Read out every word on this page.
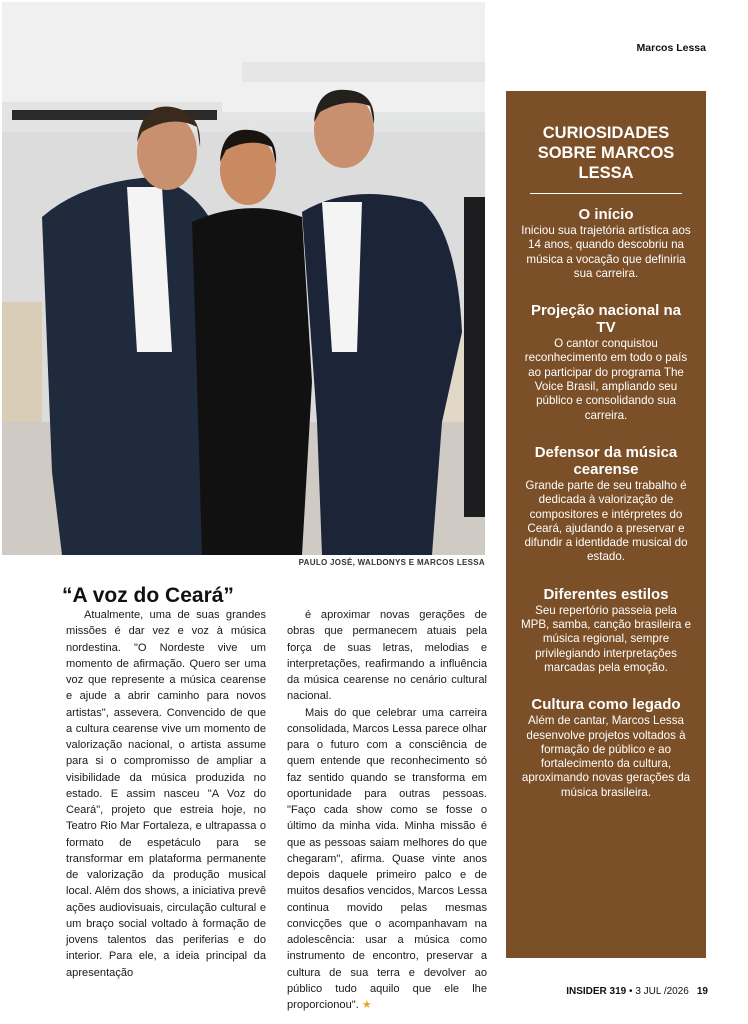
PAULO JOSÉ, WALDONYS E MARCOS LESSA
Marcos Lessa
“A voz do Ceará”

Atualmente, uma de suas grandes missões é dar vez e voz à música nordestina. "O Nordeste vive um momento de afirmação. Quero ser uma voz que represente a música cearense e ajude a abrir caminho para novos artistas", assevera. Convencido de que a cultura cearense vive um momento de valorização nacional, o artista assume para si o compromisso de ampliar a visibilidade da música produzida no estado. E assim nasceu "A Voz do Ceará", projeto que estreia hoje, no Teatro Rio Mar Fortaleza, e ultrapassa o formato de espetáculo para se transformar em plataforma permanente de valorização da produção musical local. Além dos shows, a iniciativa prevê ações audiovisuais, circulação cultural e um braço social voltado à formação de jovens talentos das periferias e do interior. Para ele, a ideia principal da apresentação

é aproximar novas gerações de obras que permanecem atuais pela força de suas letras, melodias e interpretações, reafirmando a influência da música cearense no cenário cultural nacional.

Mais do que celebrar uma carreira consolidada, Marcos Lessa parece olhar para o futuro com a consciência de quem entende que reconhecimento só faz sentido quando se transforma em oportunidade para outras pessoas. "Faço cada show como se fosse o último da minha vida. Minha missão é que as pessoas saiam melhores do que chegaram", afirma. Quase vinte anos depois daquele primeiro palco e de muitos desafios vencidos, Marcos Lessa continua movido pelas mesmas convicções que o acompanhavam na adolescência: usar a música como instrumento de encontro, preservar a cultura de sua terra e devolver ao público tudo aquilo que ele lhe proporcionou". ★

CURIOSIDADES SOBRE MARCOS LESSA
O início

Iniciou sua trajetória artística aos 14 anos, quando descobriu na música a vocação que definiria sua carreira.

Projeção nacional na TV

O cantor conquistou reconhecimento em todo o país ao participar do programa The Voice Brasil, ampliando seu público e consolidando sua carreira.

Defensor da música cearense

Grande parte de seu trabalho é dedicada à valorização de compositores e intérpretes do Ceará, ajudando a preservar e difundir a identidade musical do estado.

Diferentes estilos

Seu repertório passeia pela MPB, samba, canção brasileira e música regional, sempre privilegiando interpretações marcadas pela emoção.

Cultura como legado

Além de cantar, Marcos Lessa desenvolve projetos voltados à formação de público e ao fortalecimento da cultura, aproximando novas gerações da música brasileira.

INSIDER 319 • 3 JUL /2026 19
